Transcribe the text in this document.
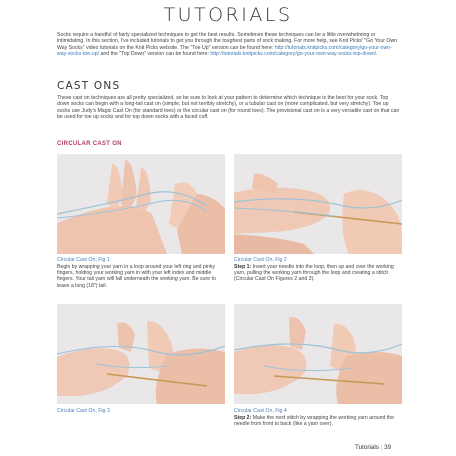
TUTORIALS
Socks require a handful of fairly specialized techniques to get the best results. Sometimes these techniques can be a little overwhelming or intimidating. In this section, I've included tutorials to get you through the toughest parts of sock making. For more help, see Knit Picks' "Go Your Own Way Socks" video tutorials on the Knit Picks website. The "Toe Up" version can be found here: http://tutorials.knitpicks.com/category/go-your-own-way-socks-toe-up/ and the "Top Down" version can be found here: http://tutorials.knitpicks.com/category/go-your-own-way-socks-top-down/.
CAST ONS
These cast on techniques are all pretty specialized, so be sure to look at your pattern to determine which technique is the best for your sock. Top down socks can begin with a long-tail cast on (simple, but not terribly stretchy), or a tubular cast on (more complicated, but very stretchy). Toe up socks use Judy's Magic Cast On (for standard toes) or the circular cast on (for round toes). The provisional cast on is a very versatile cast on that can be used for toe up socks and for top down socks with a faced cuff.
CIRCULAR CAST ON
Circular Cast On, Fig 1
Begin by wrapping your yarn in a loop around your left ring and pinky fingers, holding your working yarn in with your left index and middle fingers. Your tail yarn will fall underneath the working yarn. Be sure to leave a long (18") tail.
Circular Cast On, Fig 2
Step 1: Insert your needle into the loop, then up and over the working yarn, pulling the working yarn through the loop and creating a stitch (Circular Cast On Figures 2 and 3).
Circular Cast On, Fig 3	Circular Cast On, Fig 4
Step 2: Make the next stitch by wrapping the working yarn around the needle from front to back (like a yarn over).
Tutorials | 39
